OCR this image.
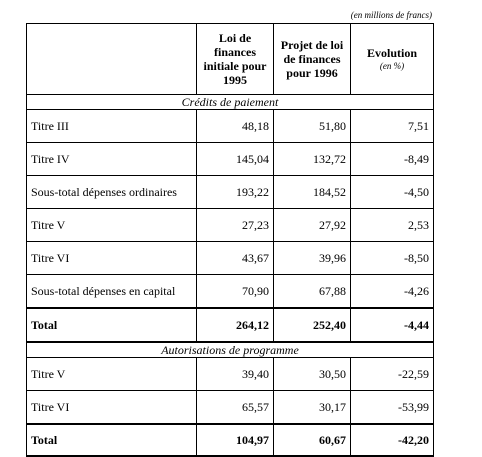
(en millions de francs)
	Loi de finances initiale pour 1995	Projet de loi de finances pour 1996	Evolution
(en %)

Crédits de paiement			
Titre III	48,18	51,80	7,51
Titre IV	145,04	132,72	-8,49
Sous-total dépenses ordinaires	193,22	184,52	-4,50
Titre V	27,23	27,92	2,53
Titre VI	43,67	39,96	-8,50
Sous-total dépenses en capital	70,90	67,88	-4,26
Total	264,12	252,40	-4,44
Autorisations de programme			
Titre V	39,40	30,50	-22,59
Titre VI	65,57	30,17	-53,99
Total	104,97	60,67	-42,20
